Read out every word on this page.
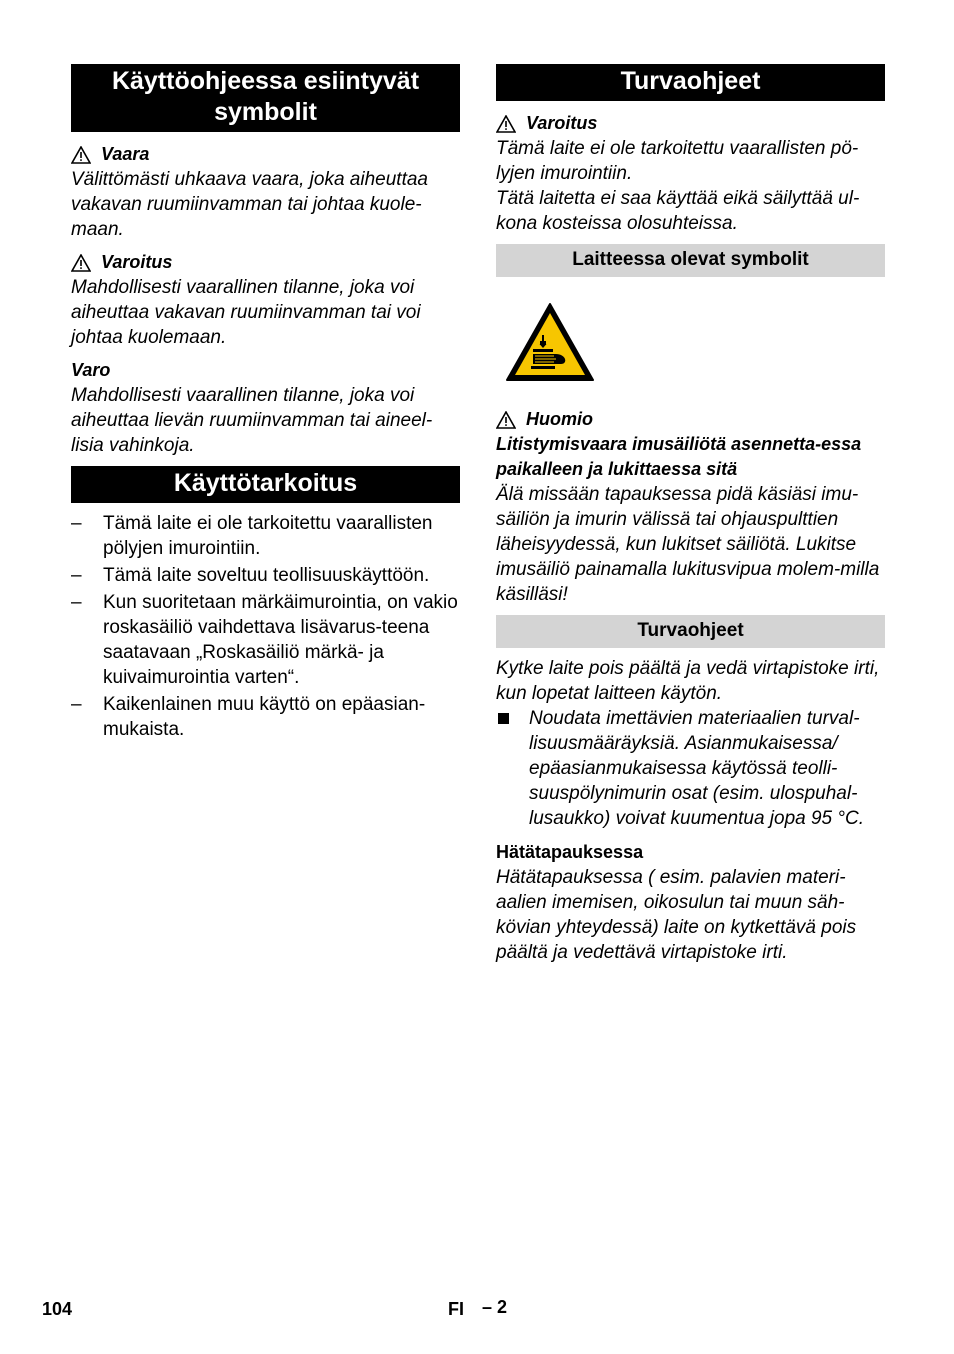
Käyttöohjeessa esiintyvät symbolit
Vaara

Välittömästi uhkaava vaara, joka aiheuttaa vakavan ruumiinvamman tai johtaa kuole-maan.

Varoitus

Mahdollisesti vaarallinen tilanne, joka voi aiheuttaa vakavan ruumiinvamman tai voi johtaa kuolemaan.

Varo

Mahdollisesti vaarallinen tilanne, joka voi aiheuttaa lievän ruumiinvamman tai aineel-lisia vahinkoja.

Käyttötarkoitus
–	Tämä laite ei ole tarkoitettu vaarallisten pölyjen imurointiin.
–	Tämä laite soveltuu teollisuuskäyttöön.
–	Kun suoritetaan märkäimurointia, on vakio roskasäiliö vaihdettava lisävarus-teena saatavaan „Roskasäiliö märkä- ja kuivaimurointia varten“.
–	Kaikenlainen muu käyttö on epäasian-mukaista.
Turvaohjeet
Varoitus

Tämä laite ei ole tarkoitettu vaarallisten pö-lyjen imurointiin.

Tätä laitetta ei saa käyttää eikä säilyttää ul-kona kosteissa olosuhteissa.

Laitteessa olevat symbolit
Huomio

Litistymisvaara imusäiliötä asennetta-essa paikalleen ja lukittaessa sitä

Älä missään tapauksessa pidä käsiäsi imu-säiliön ja imurin välissä tai ohjauspulttien läheisyydessä, kun lukitset säiliötä. Lukitse imusäiliö painamalla lukitusvipua molem-milla käsilläsi!

Turvaohjeet

Kytke laite pois päältä ja vedä virtapistoke irti, kun lopetat laitteen käytön.

Noudata imettävien materiaalien turval-lisuusmääräyksiä. Asianmukaisessa/ epäasianmukaisessa käytössä teolli-suuspölynimurin osat (esim. ulospuhal-lusaukko) voivat kuumentua jopa 95 °C.

Hätätapauksessa

Hätätapauksessa ( esim. palavien materi-aalien imemisen, oikosulun tai muun säh-kövian yhteydessä) laite on kytkettävä pois päältä ja vedettävä virtapistoke irti.

104	FI – 2
